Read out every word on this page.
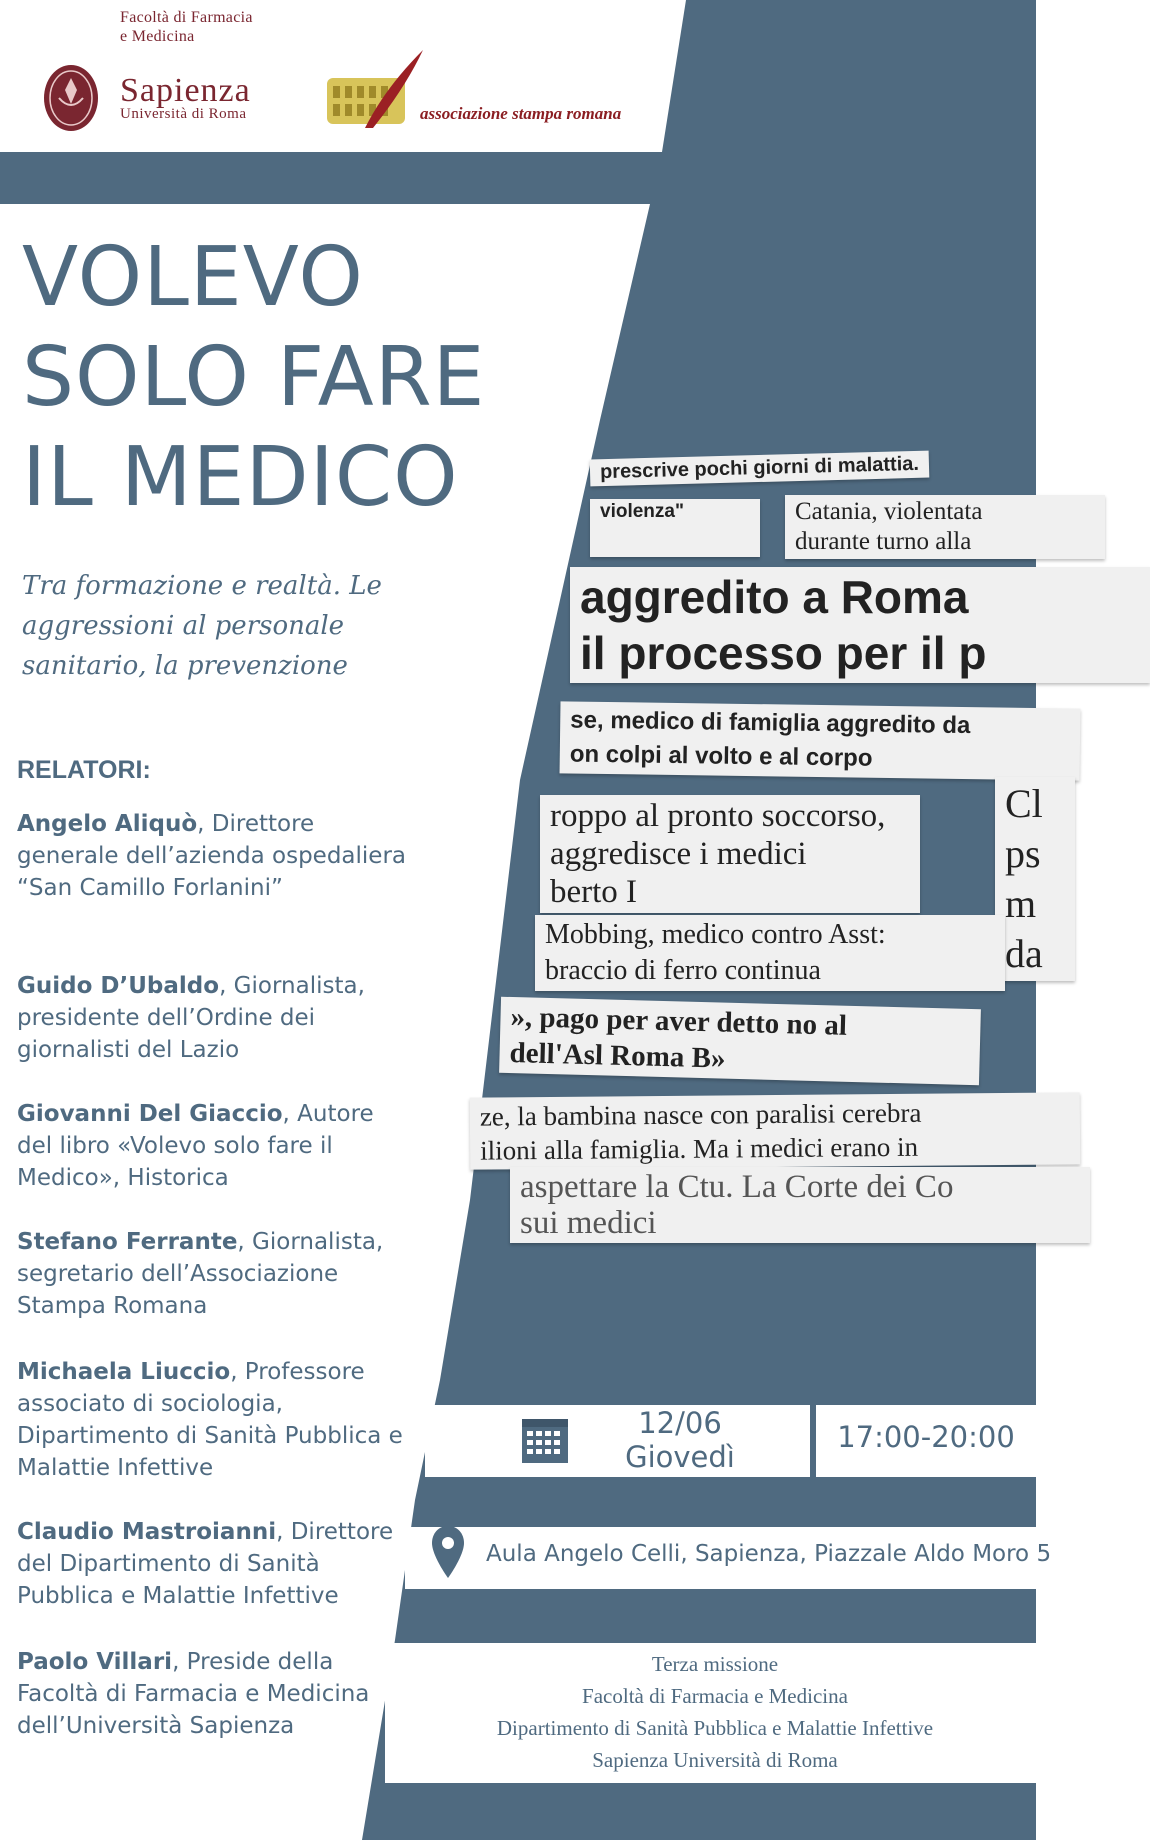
Facoltà di Farmacia
e Medicina
Sapienza
Università di Roma	associazione stampa romana
VOLEVO
SOLO FARE
IL MEDICO
Tra formazione e realtà. Le aggressioni al personale sanitario, la prevenzione
RELATORI:
Angelo Aliquò, Direttore generale dell’azienda ospedaliera “San Camillo Forlanini”
Guido D’Ubaldo, Giornalista, presidente dell’Ordine dei giornalisti del Lazio
Giovanni Del Giaccio, Autore del libro «Volevo solo fare il Medico», Historica
Stefano Ferrante, Giornalista, segretario dell’Associazione Stampa Romana
Michaela Liuccio, Professore associato di sociologia, Dipartimento di Sanità Pubblica e Malattie Infettive
Claudio Mastroianni, Direttore del Dipartimento di Sanità Pubblica e Malattie Infettive
Paolo Villari, Preside della Facoltà di Farmacia e Medicina dell’Università Sapienza
prescrive pochi giorni di malattia.
violenza"	Catania, violentata
durante turno alla
aggredito a Roma
il processo per il p
se, medico di famiglia aggredito da
on colpi al volto e al corpo
roppo al pronto soccorso,
aggredisce i medici
berto I
Cl
ps
m
da
Mobbing, medico contro Asst:
braccio di ferro continua
», pago per aver detto no al
dell'Asl Roma B»
ze, la bambina nasce con paralisi cerebra
ilioni alla famiglia. Ma i medici erano in
aspettare la Ctu. La Corte dei Co
sui medici
12/06
Giovedì
17:00-20:00
Aula Angelo Celli, Sapienza, Piazzale Aldo Moro 5
Terza missione
Facoltà di Farmacia e Medicina
Dipartimento di Sanità Pubblica e Malattie Infettive
Sapienza Università di Roma
